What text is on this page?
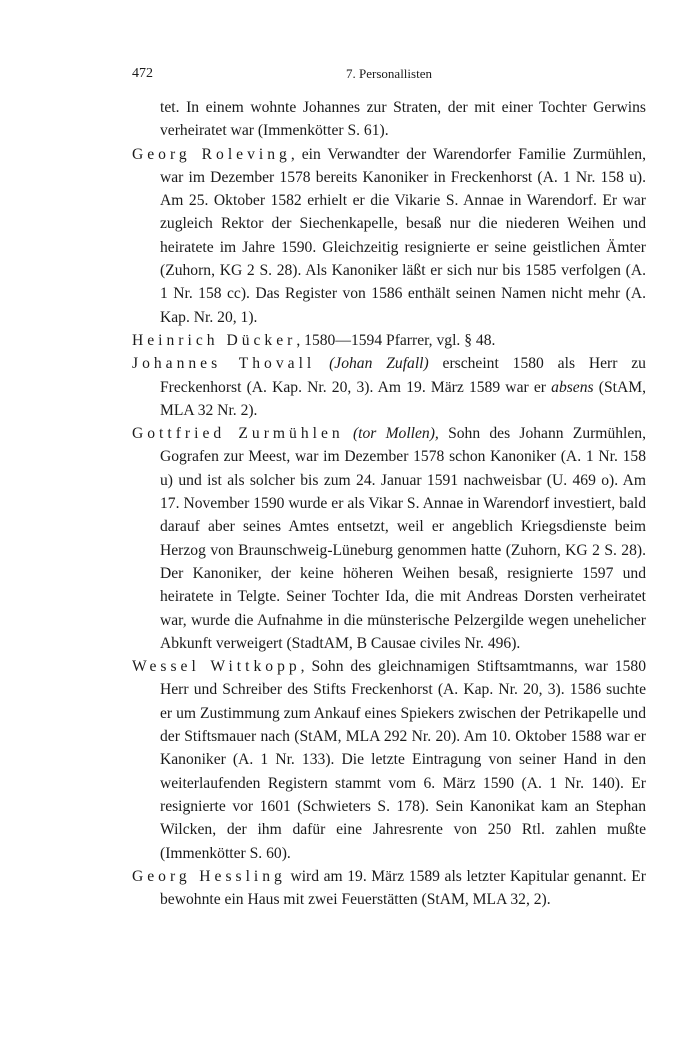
472	7. Personallisten

tet. In einem wohnte Johannes zur Straten, der mit einer Tochter Gerwins verheiratet war (Immenkötter S. 61).

Georg Roleving, ein Verwandter der Warendorfer Familie Zurmühlen, war im Dezember 1578 bereits Kanoniker in Freckenhorst (A. 1 Nr. 158 u). Am 25. Oktober 1582 erhielt er die Vikarie S. Annae in Warendorf. Er war zugleich Rektor der Siechenkapelle, besaß nur die niederen Weihen und heiratete im Jahre 1590. Gleichzeitig resignierte er seine geistlichen Ämter (Zuhorn, KG 2 S. 28). Als Kanoniker läßt er sich nur bis 1585 verfolgen (A. 1 Nr. 158 cc). Das Register von 1586 enthält seinen Namen nicht mehr (A. Kap. Nr. 20, 1).

Heinrich Dücker, 1580—1594 Pfarrer, vgl. § 48.

Johannes Thovall (Johan Zufall) erscheint 1580 als Herr zu Freckenhorst (A. Kap. Nr. 20, 3). Am 19. März 1589 war er absens (StAM, MLA 32 Nr. 2).

Gottfried Zurmühlen (tor Mollen), Sohn des Johann Zurmühlen, Gografen zur Meest, war im Dezember 1578 schon Kanoniker (A. 1 Nr. 158 u) und ist als solcher bis zum 24. Januar 1591 nachweisbar (U. 469 o). Am 17. November 1590 wurde er als Vikar S. Annae in Warendorf investiert, bald darauf aber seines Amtes entsetzt, weil er angeblich Kriegsdienste beim Herzog von Braunschweig-Lüneburg genommen hatte (Zuhorn, KG 2 S. 28). Der Kanoniker, der keine höheren Weihen besaß, resignierte 1597 und heiratete in Telgte. Seiner Tochter Ida, die mit Andreas Dorsten verheiratet war, wurde die Aufnahme in die münsterische Pelzergilde wegen unehelicher Abkunft verweigert (StadtAM, B Causae civiles Nr. 496).

Wessel Wittkopp, Sohn des gleichnamigen Stiftsamtmanns, war 1580 Herr und Schreiber des Stifts Freckenhorst (A. Kap. Nr. 20, 3). 1586 suchte er um Zustimmung zum Ankauf eines Spiekers zwischen der Petrikapelle und der Stiftsmauer nach (StAM, MLA 292 Nr. 20). Am 10. Oktober 1588 war er Kanoniker (A. 1 Nr. 133). Die letzte Eintragung von seiner Hand in den weiterlaufenden Registern stammt vom 6. März 1590 (A. 1 Nr. 140). Er resignierte vor 1601 (Schwieters S. 178). Sein Kanonikat kam an Stephan Wilcken, der ihm dafür eine Jahresrente von 250 Rtl. zahlen mußte (Immenkötter S. 60).

Georg Hessling wird am 19. März 1589 als letzter Kapitular genannt. Er bewohnte ein Haus mit zwei Feuerstätten (StAM, MLA 32, 2).
